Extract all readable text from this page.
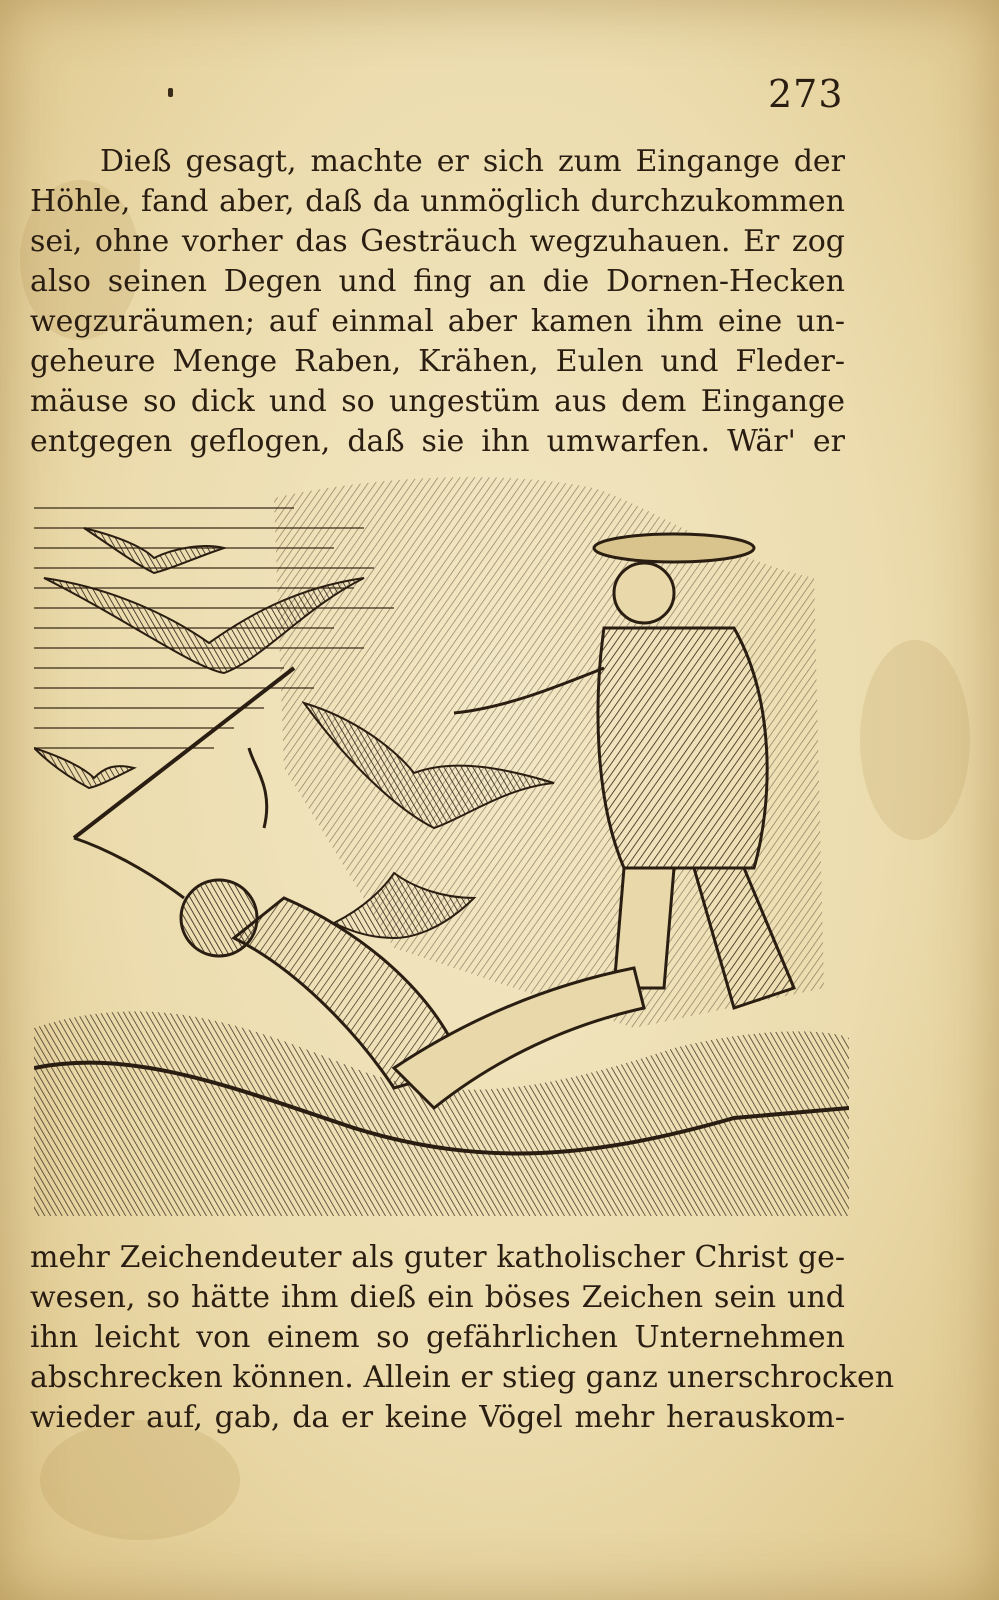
273
Dieß gesagt, machte er sich zum Eingange der
Höhle, fand aber, daß da unmöglich durchzukommen
sei, ohne vorher das Gesträuch wegzuhauen. Er zog
also seinen Degen und fing an die Dornen-Hecken
wegzuräumen; auf einmal aber kamen ihm eine un-
geheure Menge Raben, Krähen, Eulen und Fleder-
mäuse so dick und so ungestüm aus dem Eingange
entgegen geflogen, daß sie ihn umwarfen. Wär' er
mehr Zeichendeuter als guter katholischer Christ ge-
wesen, so hätte ihm dieß ein böses Zeichen sein und
ihn leicht von einem so gefährlichen Unternehmen
abschrecken können. Allein er stieg ganz unerschrocken
wieder auf, gab, da er keine Vögel mehr herauskom-
